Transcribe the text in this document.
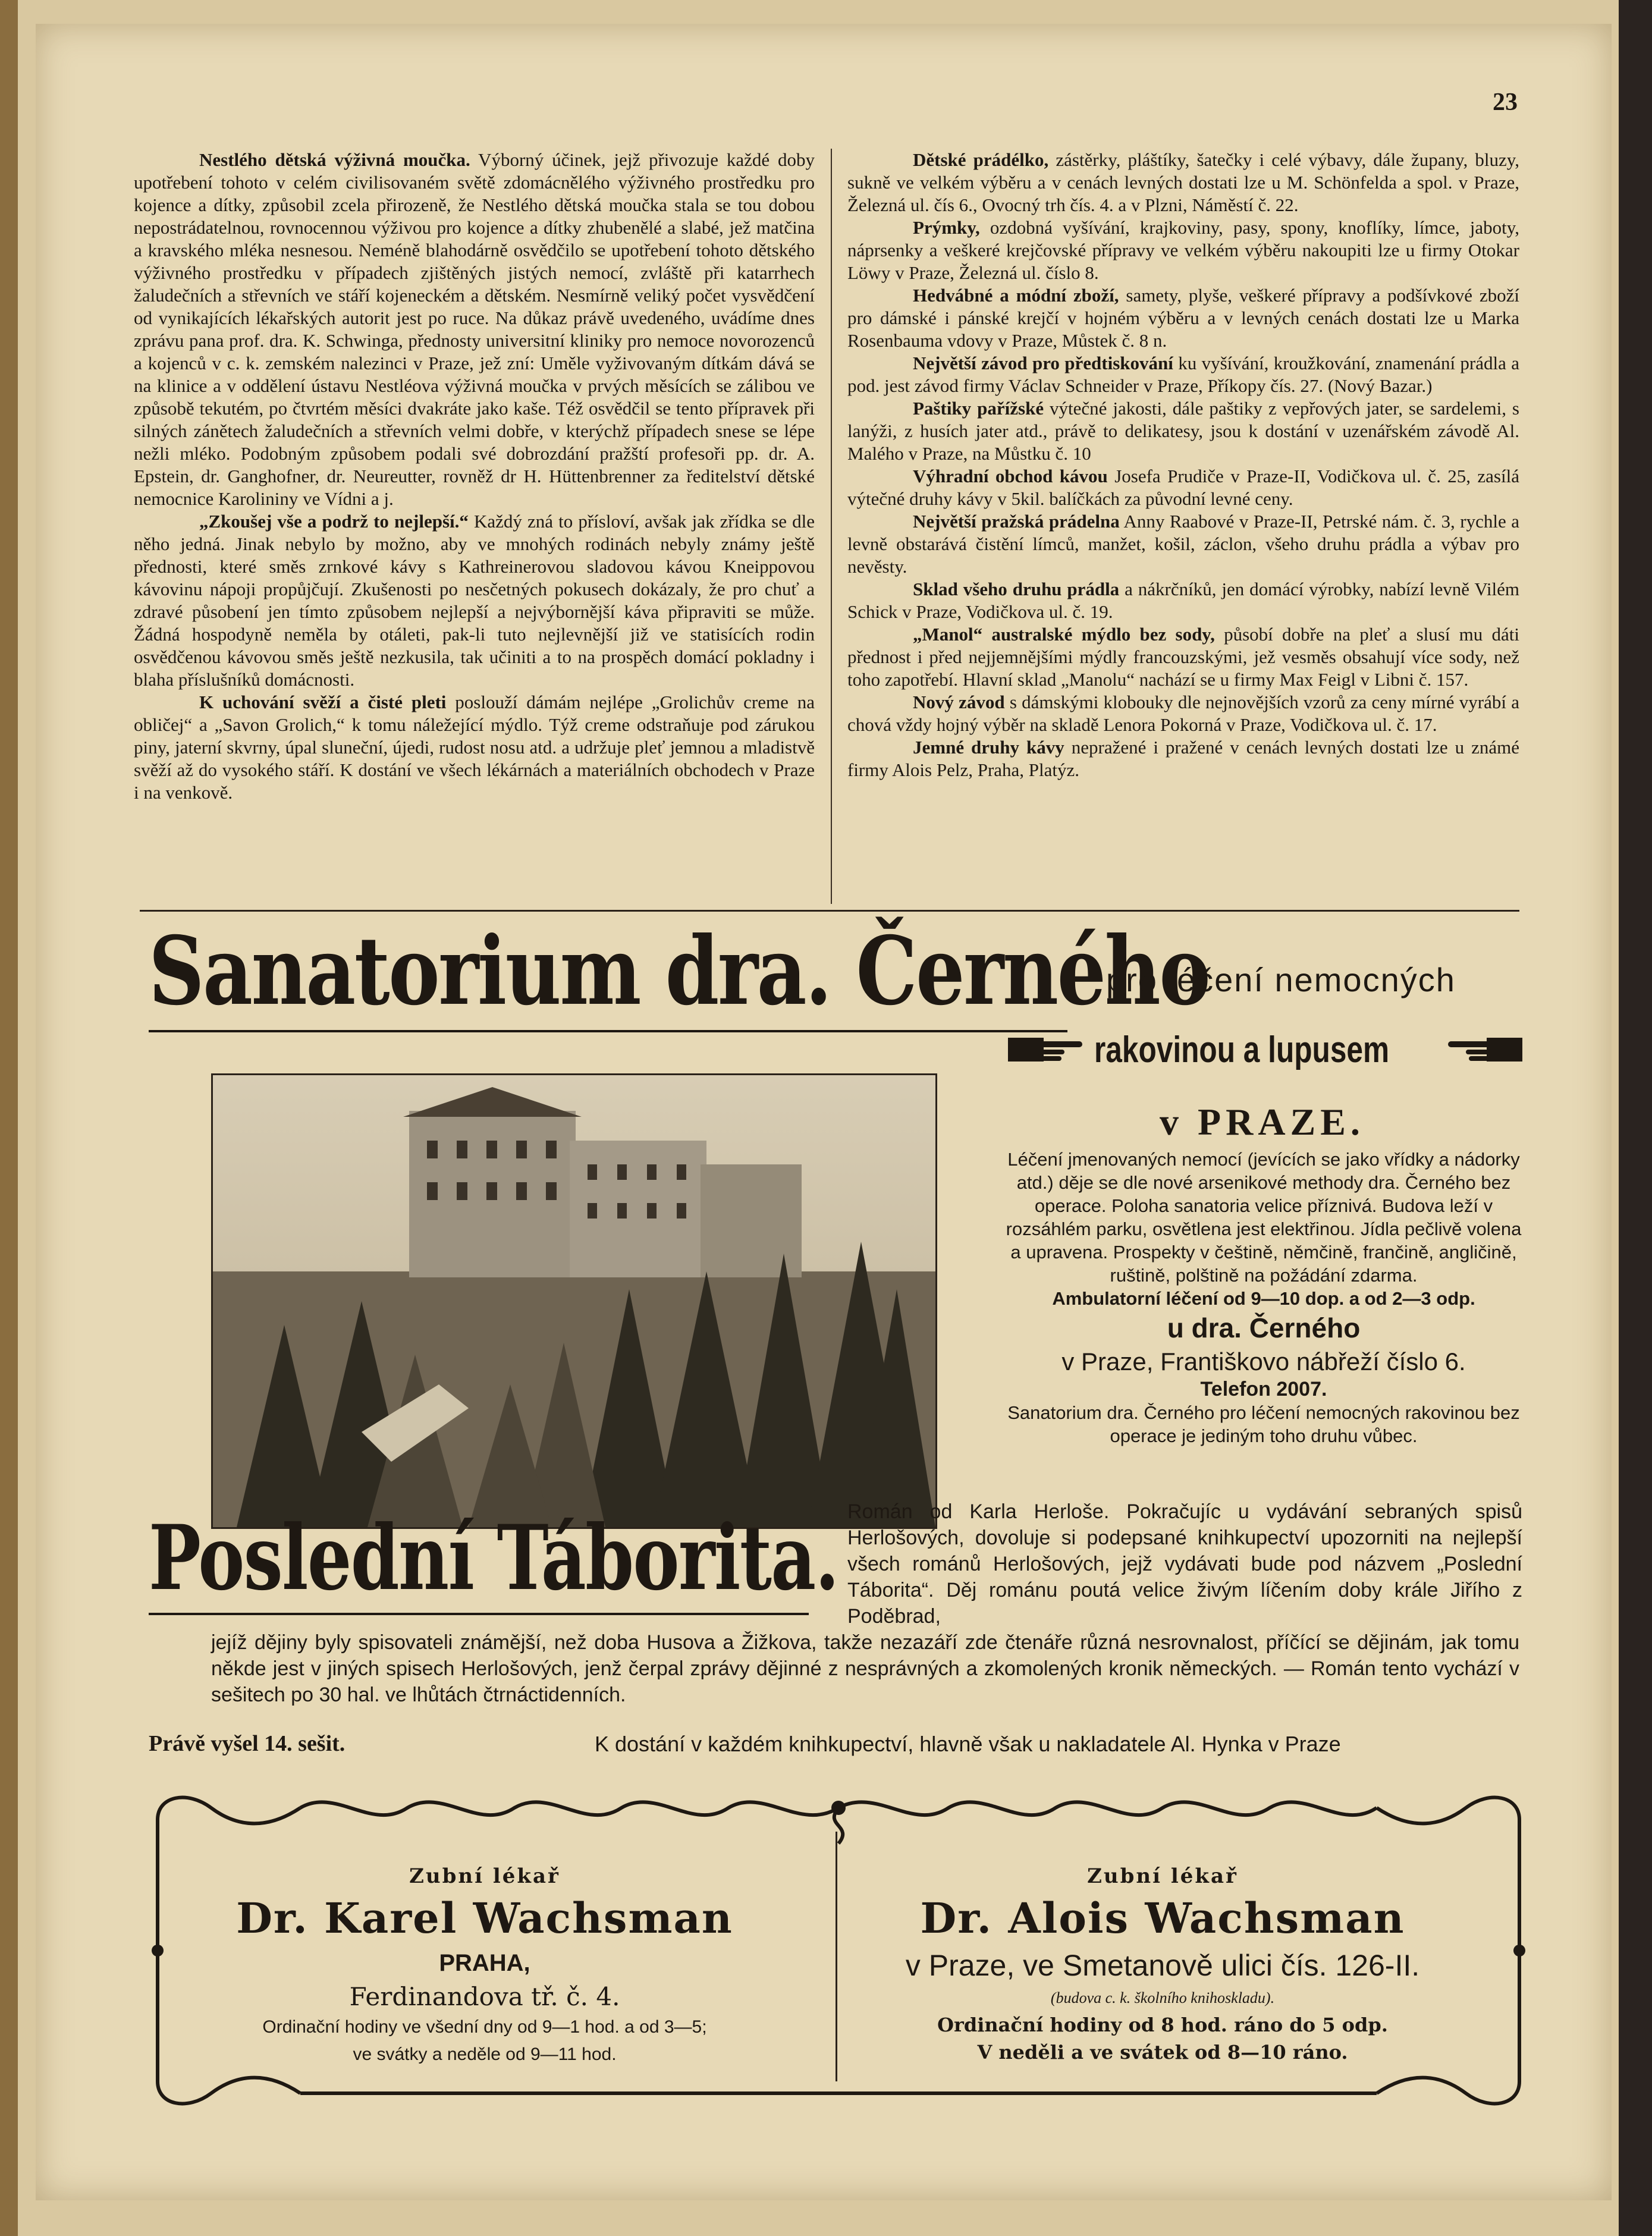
23

Nestlého dětská výživná moučka. Výborný účinek, jejž přivozuje každé doby upotřebení tohoto v celém civilisovaném světě zdomácnělého výživného prostředku pro kojence a dítky, způsobil zcela přirozeně, že Nestlého dětská moučka stala se tou dobou nepostrádatelnou, rovnocennou výživou pro kojence a dítky zhubenělé a slabé, jež matčina a kravského mléka nesnesou. Neméně blahodárně osvědčilo se upotřebení tohoto dětského výživného prostředku v případech zjištěných jistých nemocí, zvláště při katarrhech žaludečních a střevních ve stáří kojeneckém a dětském. Nesmírně veliký počet vysvědčení od vynikajících lékařských autorit jest po ruce. Na důkaz právě uvedeného, uvádíme dnes zprávu pana prof. dra. K. Schwinga, přednosty universitní kliniky pro nemoce novorozenců a kojenců v c. k. zemském nalezinci v Praze, jež zní: Uměle vyživovaným dítkám dává se na klinice a v oddělení ústavu Nestléova výživná moučka v prvých měsících se zálibou ve způsobě tekutém, po čtvrtém měsíci dvakráte jako kaše. Též osvědčil se tento přípravek při silných zánětech žaludečních a střevních velmi dobře, v kterýchž případech snese se lépe nežli mléko. Podobným způsobem podali své dobrozdání pražští profesoři pp. dr. A. Epstein, dr. Ganghofner, dr. Neureutter, rovněž dr H. Hüttenbrenner za ředitelství dětské nemocnice Karolininy ve Vídni a j.

„Zkoušej vše a podrž to nejlepší.“ Každý zná to přísloví, avšak jak zřídka se dle něho jedná. Jinak nebylo by možno, aby ve mnohých rodinách nebyly známy ještě přednosti, které směs zrnkové kávy s Kathreinerovou sladovou kávou Kneippovou kávovinu nápoji propůjčují. Zkušenosti po nesčetných pokusech dokázaly, že pro chuť a zdravé působení jen tímto způsobem nejlepší a nejvýbornější káva připraviti se může. Žádná hospodyně neměla by otáleti, pak-li tuto nejlevnější již ve statisících rodin osvědčenou kávovou směs ještě nezkusila, tak učiniti a to na prospěch domácí pokladny i blaha příslušníků domácnosti.

K uchování svěží a čisté pleti poslouží dámám nejlépe „Grolichův creme na obličej“ a „Savon Grolich,“ k tomu náležející mýdlo. Týž creme odstraňuje pod zárukou piny, jaterní skvrny, úpal sluneční, újedi, rudost nosu atd. a udržuje pleť jemnou a mladistvě svěží až do vysokého stáří. K dostání ve všech lékárnách a materiálních obchodech v Praze i na venkově.

Dětské prádélko, zástěrky, pláštíky, šatečky i celé výbavy, dále župany, bluzy, sukně ve velkém výběru a v cenách levných dostati lze u M. Schönfelda a spol. v Praze, Železná ul. čís 6., Ovocný trh čís. 4. a v Plzni, Náměstí č. 22.

Prýmky, ozdobná vyšívání, krajkoviny, pasy, spony, knoflíky, límce, jaboty, náprsenky a veškeré krejčovské přípravy ve velkém výběru nakoupiti lze u firmy Otokar Löwy v Praze, Železná ul. číslo 8.

Hedvábné a módní zboží, samety, plyše, veškeré přípravy a podšívkové zboží pro dámské i pánské krejčí v hojném výběru a v levných cenách dostati lze u Marka Rosenbauma vdovy v Praze, Můstek č. 8 n.

Největší závod pro předtiskování ku vyšívání, kroužkování, znamenání prádla a pod. jest závod firmy Václav Schneider v Praze, Příkopy čís. 27. (Nový Bazar.)

Paštiky pařížské výtečné jakosti, dále paštiky z vepřových jater, se sardelemi, s lanýži, z husích jater atd., právě to delikatesy, jsou k dostání v uzenářském závodě Al. Malého v Praze, na Můstku č. 10

Výhradní obchod kávou Josefa Prudiče v Praze-II, Vodičkova ul. č. 25, zasílá výtečné druhy kávy v 5kil. balíčkách za původní levné ceny.

Největší pražská prádelna Anny Raabové v Praze-II, Petrské nám. č. 3, rychle a levně obstarává čistění límců, manžet, košil, záclon, všeho druhu prádla a výbav pro nevěsty.

Sklad všeho druhu prádla a nákrčníků, jen domácí výrobky, nabízí levně Vilém Schick v Praze, Vodičkova ul. č. 19.

„Manol“ australské mýdlo bez sody, působí dobře na pleť a slusí mu dáti přednost i před nejjemnějšími mýdly francouzskými, jež vesměs obsahují více sody, než toho zapotřebí. Hlavní sklad „Manolu“ nachází se u firmy Max Feigl v Libni č. 157.

Nový závod s dámskými klobouky dle nejnovějších vzorů za ceny mírné vyrábí a chová vždy hojný výběr na skladě Lenora Pokorná v Praze, Vodičkova ul. č. 17.

Jemné druhy kávy nepražené i pražené v cenách levných dostati lze u známé firmy Alois Pelz, Praha, Platýz.

Sanatorium dra. Černého
pro léčení nemocných
rakovinou a lupusem
v PRAZE.
Léčení jmenovaných nemocí (jevících se jako vřídky a nádorky atd.) děje se dle nové arsenikové methody dra. Černého bez operace. Poloha sanatoria velice příznivá. Budova leží v rozsáhlém parku, osvětlena jest elektřinou. Jídla pečlivě volena a upravena. Prospekty v češtině, němčině, frančině, angličině, ruštině, polštině na požádání zdarma.
Ambulatorní léčení od 9—10 dop. a od 2—3 odp.
u dra. Černého
v Praze, Františkovo nábřeží číslo 6.
Telefon 2007.
Sanatorium dra. Černého pro léčení nemocných rakovinou bez operace je jediným toho druhu vůbec.
Poslední Táborita. Román od Karla Herloše. Pokračujíc u vydávání sebraných spisů Herlošových, dovoluje si podepsané knihkupectví upozorniti na nejlepší všech románů Herlošových, jejž vydávati bude pod názvem „Poslední Táborita“. Děj románu poutá velice živým líčením doby krále Jiřího z Poděbrad,
jejíž dějiny byly spisovateli známější, než doba Husova a Žižkova, takže nezazáří zde čtenáře různá nesrovnalost, příčící se dějinám, jak tomu někde jest v jiných spisech Herlošových, jenž čerpal zprávy dějinné z nesprávných a zkomolených kronik německých. — Román tento vychází v sešitech po 30 hal. ve lhůtách čtrnáctidenních.
Právě vyšel 14. sešit.	K dostání v každém knihkupectví, hlavně však u nakladatele Al. Hynka v Praze
Zubní lékař
Dr. Karel Wachsman
PRAHA,
Ferdinandova tř. č. 4.
Ordinační hodiny ve všední dny od 9—1 hod. a od 3—5;
ve svátky a neděle od 9—11 hod.
Zubní lékař
Dr. Alois Wachsman
v Praze, ve Smetanově ulici čís. 126-II.
(budova c. k. školního knihoskladu).
Ordinační hodiny od 8 hod. ráno do 5 odp.
V neděli a ve svátek od 8—10 ráno.
